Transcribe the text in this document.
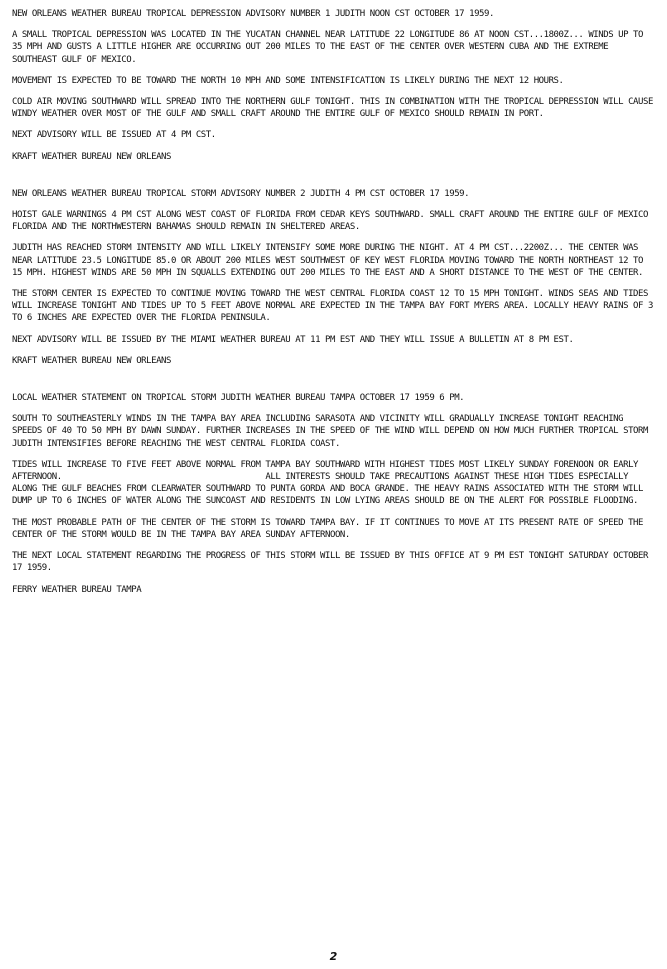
NEW ORLEANS WEATHER BUREAU TROPICAL DEPRESSION ADVISORY NUMBER 1 JUDITH NOON CST OCTOBER 17 1959.

A SMALL TROPICAL DEPRESSION WAS LOCATED IN THE YUCATAN CHANNEL NEAR LATITUDE 22 LONGITUDE 86 AT NOON CST...1800Z... WINDS UP TO 35 MPH AND GUSTS A LITTLE HIGHER ARE OCCURRING OUT 200 MILES TO THE EAST OF THE CENTER OVER WESTERN CUBA AND THE EXTREME SOUTHEAST GULF OF MEXICO.

MOVEMENT IS EXPECTED TO BE TOWARD THE NORTH 10 MPH AND SOME INTENSIFICATION IS LIKELY DURING THE NEXT 12 HOURS.

COLD AIR MOVING SOUTHWARD WILL SPREAD INTO THE NORTHERN GULF TONIGHT. THIS IN COMBINATION WITH THE TROPICAL DEPRESSION WILL CAUSE WINDY WEATHER OVER MOST OF THE GULF AND SMALL CRAFT AROUND THE ENTIRE GULF OF MEXICO SHOULD REMAIN IN PORT.

NEXT ADVISORY WILL BE ISSUED AT 4 PM CST.

KRAFT WEATHER BUREAU NEW ORLEANS

NEW ORLEANS WEATHER BUREAU TROPICAL STORM ADVISORY NUMBER 2 JUDITH 4 PM CST OCTOBER 17 1959.

HOIST GALE WARNINGS 4 PM CST ALONG WEST COAST OF FLORIDA FROM CEDAR KEYS SOUTHWARD. SMALL CRAFT AROUND THE ENTIRE GULF OF MEXICO FLORIDA AND THE NORTHWESTERN BAHAMAS SHOULD REMAIN IN SHELTERED AREAS.

JUDITH HAS REACHED STORM INTENSITY AND WILL LIKELY INTENSIFY SOME MORE DURING THE NIGHT. AT 4 PM CST...2200Z... THE CENTER WAS NEAR LATITUDE 23.5 LONGITUDE 85.0 OR ABOUT 200 MILES WEST SOUTHWEST OF KEY WEST FLORIDA MOVING TOWARD THE NORTH NORTHEAST 12 TO 15 MPH. HIGHEST WINDS ARE 50 MPH IN SQUALLS EXTENDING OUT 200 MILES TO THE EAST AND A SHORT DISTANCE TO THE WEST OF THE CENTER.

THE STORM CENTER IS EXPECTED TO CONTINUE MOVING TOWARD THE WEST CENTRAL FLORIDA COAST 12 TO 15 MPH TONIGHT. WINDS SEAS AND TIDES WILL INCREASE TONIGHT AND TIDES UP TO 5 FEET ABOVE NORMAL ARE EXPECTED IN THE TAMPA BAY FORT MYERS AREA. LOCALLY HEAVY RAINS OF 3 TO 6 INCHES ARE EXPECTED OVER THE FLORIDA PENINSULA.

NEXT ADVISORY WILL BE ISSUED BY THE MIAMI WEATHER BUREAU AT 11 PM EST AND THEY WILL ISSUE A BULLETIN AT 8 PM EST.

KRAFT WEATHER BUREAU NEW ORLEANS

LOCAL WEATHER STATEMENT ON TROPICAL STORM JUDITH WEATHER BUREAU TAMPA OCTOBER 17 1959 6 PM.

SOUTH TO SOUTHEASTERLY WINDS IN THE TAMPA BAY AREA INCLUDING SARASOTA AND VICINITY WILL GRADUALLY INCREASE TONIGHT REACHING SPEEDS OF 40 TO 50 MPH BY DAWN SUNDAY. FURTHER INCREASES IN THE SPEED OF THE WIND WILL DEPEND ON HOW MUCH FURTHER TROPICAL STORM JUDITH INTENSIFIES BEFORE REACHING THE WEST CENTRAL FLORIDA COAST.

TIDES WILL INCREASE TO FIVE FEET ABOVE NORMAL FROM TAMPA BAY SOUTHWARD WITH HIGHEST TIDES MOST LIKELY SUNDAY FORENOON OR EARLY AFTERNOON.                                         ALL INTERESTS SHOULD TAKE PRECAUTIONS AGAINST THESE HIGH TIDES ESPECIALLY ALONG THE GULF BEACHES FROM CLEARWATER SOUTHWARD TO PUNTA GORDA AND BOCA GRANDE. THE HEAVY RAINS ASSOCIATED WITH THE STORM WILL DUMP UP TO 6 INCHES OF WATER ALONG THE SUNCOAST AND RESIDENTS IN LOW LYING AREAS SHOULD BE ON THE ALERT FOR POSSIBLE FLOODING.

THE MOST PROBABLE PATH OF THE CENTER OF THE STORM IS TOWARD TAMPA BAY. IF IT CONTINUES TO MOVE AT ITS PRESENT RATE OF SPEED THE CENTER OF THE STORM WOULD BE IN THE TAMPA BAY AREA SUNDAY AFTERNOON.

THE NEXT LOCAL STATEMENT REGARDING THE PROGRESS OF THIS STORM WILL BE ISSUED BY THIS OFFICE AT 9 PM EST TONIGHT SATURDAY OCTOBER 17 1959.

FERRY WEATHER BUREAU TAMPA

2
